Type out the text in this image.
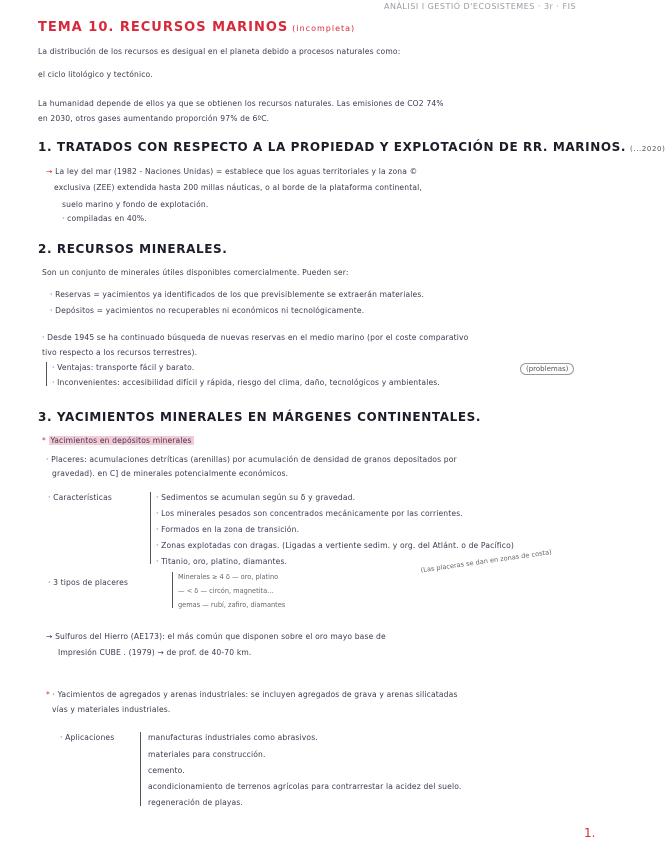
ANÀLISI I GESTIÓ D'ECOSISTEMES · 3r · FIS
TEMA 10. RECURSOS MARINOS (incompleta)
La distribución de los recursos es desigual en el planeta debido a procesos naturales como:
el ciclo litológico y tectónico.
La humanidad depende de ellos ya que se obtienen los recursos naturales. Las emisiones de CO2 74%
en 2030, otros gases aumentando proporción 97% de 6ºC.
1. TRATADOS CON RESPECTO A LA PROPIEDAD Y EXPLOTACIÓN DE RR. MARINOS. (...2020)
→ La ley del mar (1982 - Naciones Unidas) = establece que los aguas territoriales y la zona ©
exclusiva (ZEE) extendida hasta 200 millas náuticas, o al borde de la plataforma continental,
suelo marino y fondo de explotación.
· compiladas en 40%.
2. RECURSOS MINERALES.
Son un conjunto de minerales útiles disponibles comercialmente. Pueden ser:
· Reservas = yacimientos ya identificados de los que previsiblemente se extraerán materiales.
· Depósitos = yacimientos no recuperables ni económicos ni tecnológicamente.
· Desde 1945 se ha continuado búsqueda de nuevas reservas en el medio marino (por el coste comparativo
tivo respecto a los recursos terrestres).
· Ventajas: transporte fácil y barato.
· Inconvenientes: accesibilidad difícil y rápida, riesgo del clima, daño, tecnológicos y ambientales.
(problemas)
3. YACIMIENTOS MINERALES EN MÁRGENES CONTINENTALES.
* Yacimientos en depósitos minerales
· Placeres: acumulaciones detríticas (arenillas) por acumulación de densidad de granos depositados por
gravedad). en C] de minerales potencialmente económicos.
· Características	· Sedimentos se acumulan según su δ y gravedad.
· Los minerales pesados son concentrados mecánicamente por las corrientes.
· Formados en la zona de transición.
· Zonas explotadas con dragas. (Ligadas a vertiente sedim. y org. del Atlánt. o de Pacífico)
· Titanio, oro, platino, diamantes.	(Las placeras se dan en zonas de costa)
· 3 tipos de placeres
Minerales ≥ 4 δ — oro, platino
— < δ — circón, magnetita...
gemas — rubí, zafiro, diamantes
→ Sulfuros del Hierro (AE173): el más común que disponen sobre el oro mayo base de
Impresión CUBE . (1979) → de prof. de 40-70 km.
* · Yacimientos de agregados y arenas industriales: se incluyen agregados de grava y arenas silicatadas
vías y materiales industriales.
· Aplicaciones	manufacturas industriales como abrasivos.
materiales para construcción.
cemento.
acondicionamiento de terrenos agrícolas para contrarrestar la acidez del suelo.
regeneración de playas.
1.
